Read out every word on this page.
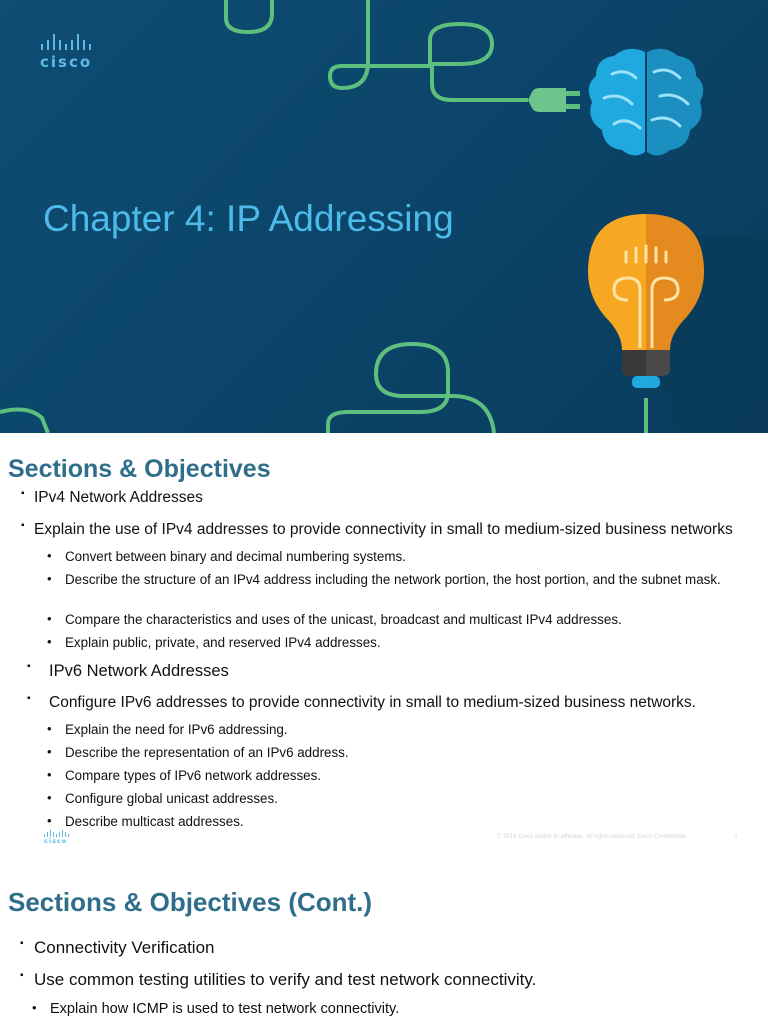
cisco
Chapter 4: IP Addressing
Sections & Objectives
▪ IPv4 Network Addresses
▪ Explain the use of IPv4 addresses to provide connectivity in small to medium-sized business networks
• Convert between binary and decimal numbering systems.
• Describe the structure of an IPv4 address including the network portion, the host portion, and the subnet mask.
• Compare the characteristics and uses of the unicast, broadcast and multicast IPv4 addresses.
• Explain public, private, and reserved IPv4 addresses.
▪ IPv6 Network Addresses
▪ Configure IPv6 addresses to provide connectivity in small to medium-sized business networks.
• Explain the need for IPv6 addressing.
• Describe the representation of an IPv6 address.
• Compare types of IPv6 network addresses.
• Configure global unicast addresses.
• Describe multicast addresses.
cisco	© 2016 Cisco and/or its affiliates. All rights reserved. Cisco Confidential	2
Sections & Objectives (Cont.)
▪ Connectivity Verification
▪ Use common testing utilities to verify and test network connectivity.
• Explain how ICMP is used to test network connectivity.
